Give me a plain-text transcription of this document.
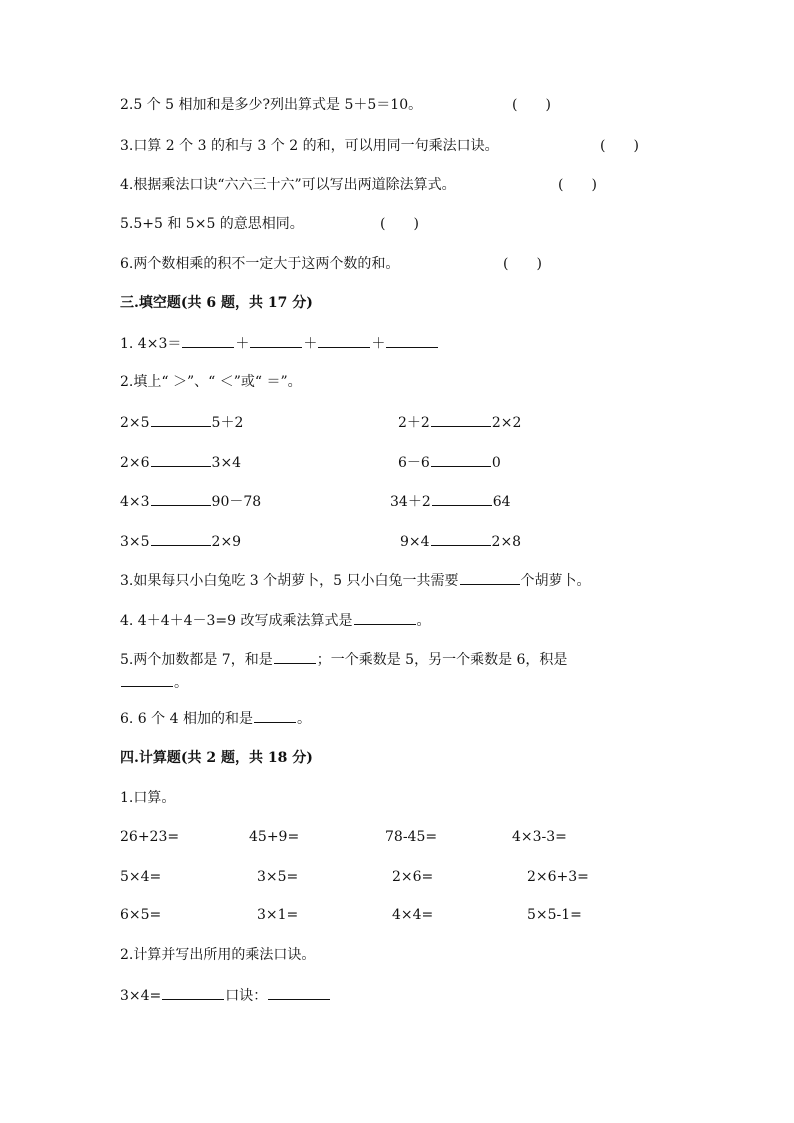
2.5 个 5 相加和是多少?列出算式是 5＋5＝10。	(　　)
3.口算 2 个 3 的和与 3 个 2 的和，可以用同一句乘法口诀。	(　　)
4.根据乘法口诀“六六三十六”可以写出两道除法算式。	(　　)
5.5+5 和 5×5 的意思相同。	(　　)
6.两个数相乘的积不一定大于这两个数的和。	(　　)
三.填空题(共 6 题，共 17 分)
1. 4×3＝	＋	＋	＋
2.填上“ ＞”、“ ＜”或“ ＝”。
2×5	5＋2	2＋2	2×2
2×6	3×4	6－6	0
4×3	90－78	34＋2	64
3×5	2×9	9×4	2×8
3.如果每只小白兔吃 3 个胡萝卜，5 只小白兔一共需要	个胡萝卜。
4. 4＋4＋4－3=9 改写成乘法算式是	。
5.两个加数都是 7，和是	；一个乘数是 5，另一个乘数是 6，积是
。
6. 6 个 4 相加的和是	。
四.计算题(共 2 题，共 18 分)
1.口算。
26+23=	45+9=	78-45=	4×3-3=
5×4=	3×5=	2×6=	2×6+3=
6×5=	3×1=	4×4=	5×5-1=
2.计算并写出所用的乘法口诀。
3×4=	口诀：
